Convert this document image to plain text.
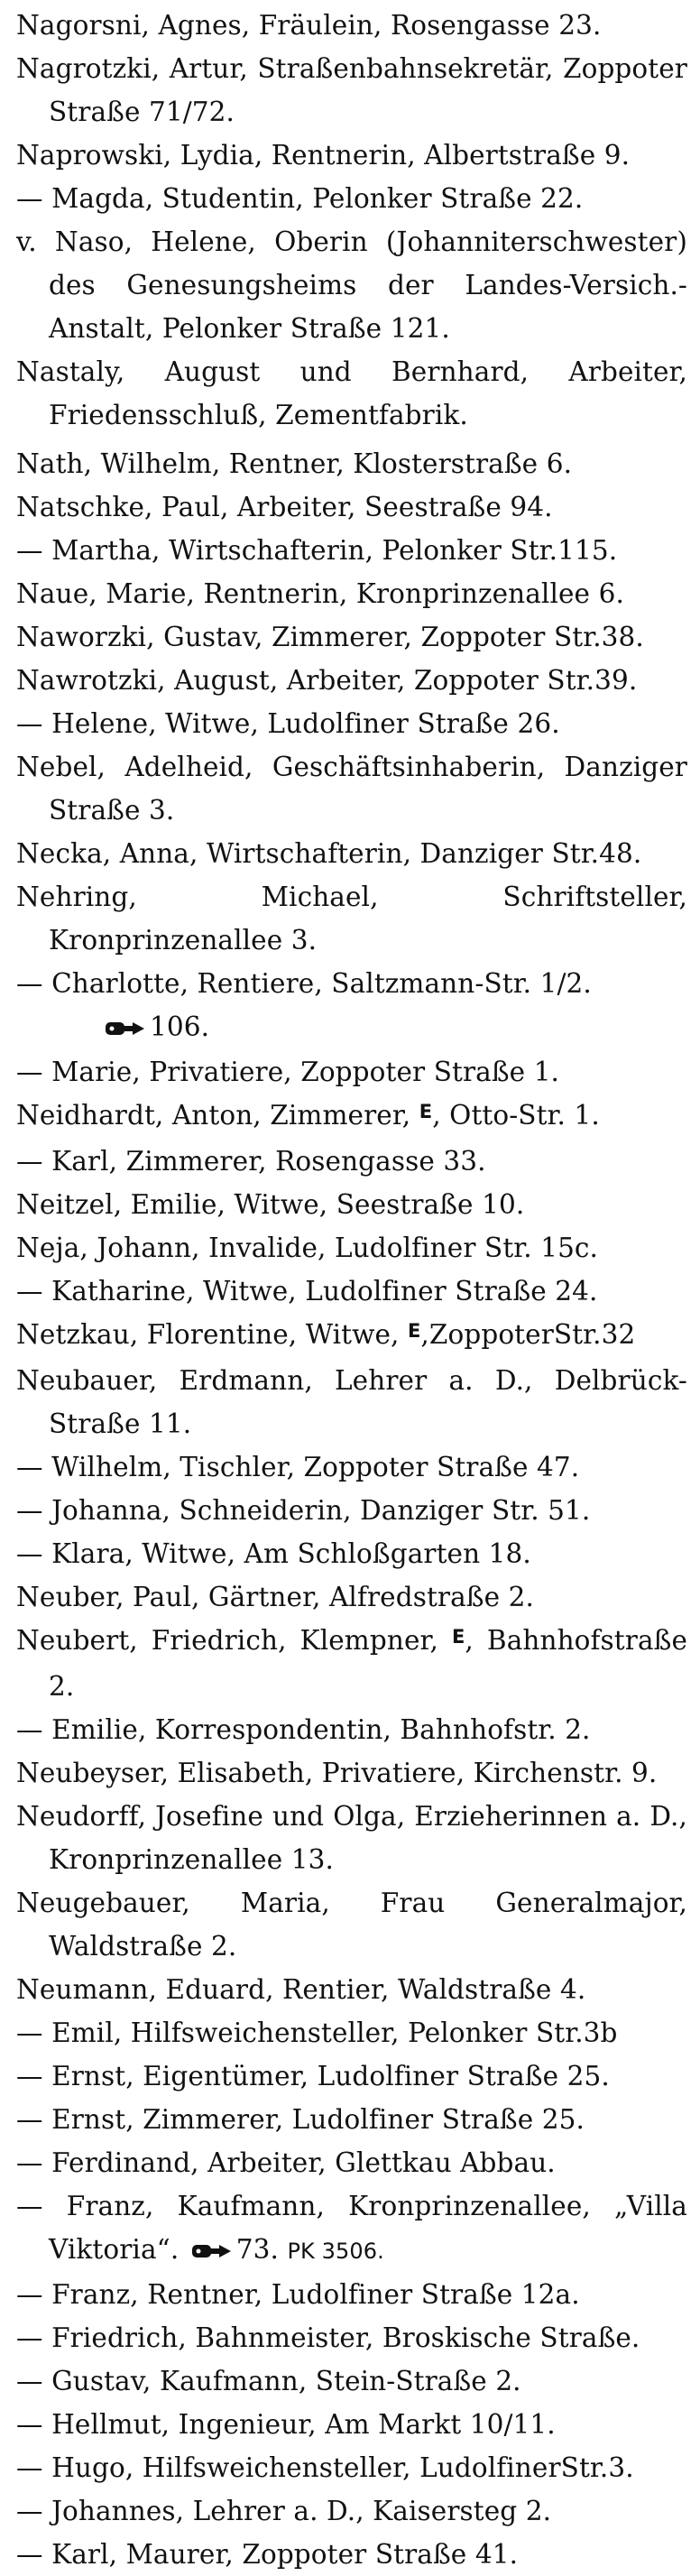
Nagorsni, Agnes, Fräulein, Rosengasse 23.

Nagrotzki, Artur, Straßenbahnsekretär, Zoppoter Straße 71/72.

Naprowski, Lydia, Rentnerin, Albertstraße 9.

— Magda, Studentin, Pelonker Straße 22.

v. Naso, Helene, Oberin (Johanniterschwester) des Genesungsheims der Landes-Versich.-Anstalt, Pelonker Straße 121.

Nastaly, August und Bernhard, Arbeiter, Friedensschluß, Zementfabrik.

Nath, Wilhelm, Rentner, Klosterstraße 6.

Natschke, Paul, Arbeiter, Seestraße 94.

— Martha, Wirtschafterin, Pelonker Str.115.

Naue, Marie, Rentnerin, Kronprinzenallee 6.

Naworzki, Gustav, Zimmerer, Zoppoter Str.38.

Nawrotzki, August, Arbeiter, Zoppoter Str.39.

— Helene, Witwe, Ludolfiner Straße 26.

Nebel, Adelheid, Geschäftsinhaberin, Danziger Straße 3.

Necka, Anna, Wirtschafterin, Danziger Str.48.

Nehring, Michael, Schriftsteller, Kronprinzenallee 3.

— Charlotte, Rentiere, Saltzmann-Str. 1/2.
106.

— Marie, Privatiere, Zoppoter Straße 1.

Neidhardt, Anton, Zimmerer, $^E$, Otto-Str. 1.

— Karl, Zimmerer, Rosengasse 33.

Neitzel, Emilie, Witwe, Seestraße 10.

Neja, Johann, Invalide, Ludolfiner Str. 15c.

— Katharine, Witwe, Ludolfiner Straße 24.

Netzkau, Florentine, Witwe, $^E$,ZoppoterStr.32

Neubauer, Erdmann, Lehrer a. D., Delbrück-Straße 11.

— Wilhelm, Tischler, Zoppoter Straße 47.

— Johanna, Schneiderin, Danziger Str. 51.

— Klara, Witwe, Am Schloßgarten 18.

Neuber, Paul, Gärtner, Alfredstraße 2.

Neubert, Friedrich, Klempner, $^E$, Bahnhofstraße 2.

— Emilie, Korrespondentin, Bahnhofstr. 2.

Neubeyser, Elisabeth, Privatiere, Kirchenstr. 9.

Neudorff, Josefine und Olga, Erzieherinnen a. D., Kronprinzenallee 13.

Neugebauer, Maria, Frau Generalmajor, Waldstraße 2.

Neumann, Eduard, Rentier, Waldstraße 4.

— Emil, Hilfsweichensteller, Pelonker Str.3b

— Ernst, Eigentümer, Ludolfiner Straße 25.

— Ernst, Zimmerer, Ludolfiner Straße 25.

— Ferdinand, Arbeiter, Glettkau Abbau.

— Franz, Kaufmann, Kronprinzenallee, „Villa Viktoria“. 73. PK 3506.

— Franz, Rentner, Ludolfiner Straße 12a.

— Friedrich, Bahnmeister, Broskische Straße.

— Gustav, Kaufmann, Stein-Straße 2.

— Hellmut, Ingenieur, Am Markt 10/11.

— Hugo, Hilfsweichensteller, LudolfinerStr.3.

— Johannes, Lehrer a. D., Kaisersteg 2.

— Karl, Maurer, Zoppoter Straße 41.
